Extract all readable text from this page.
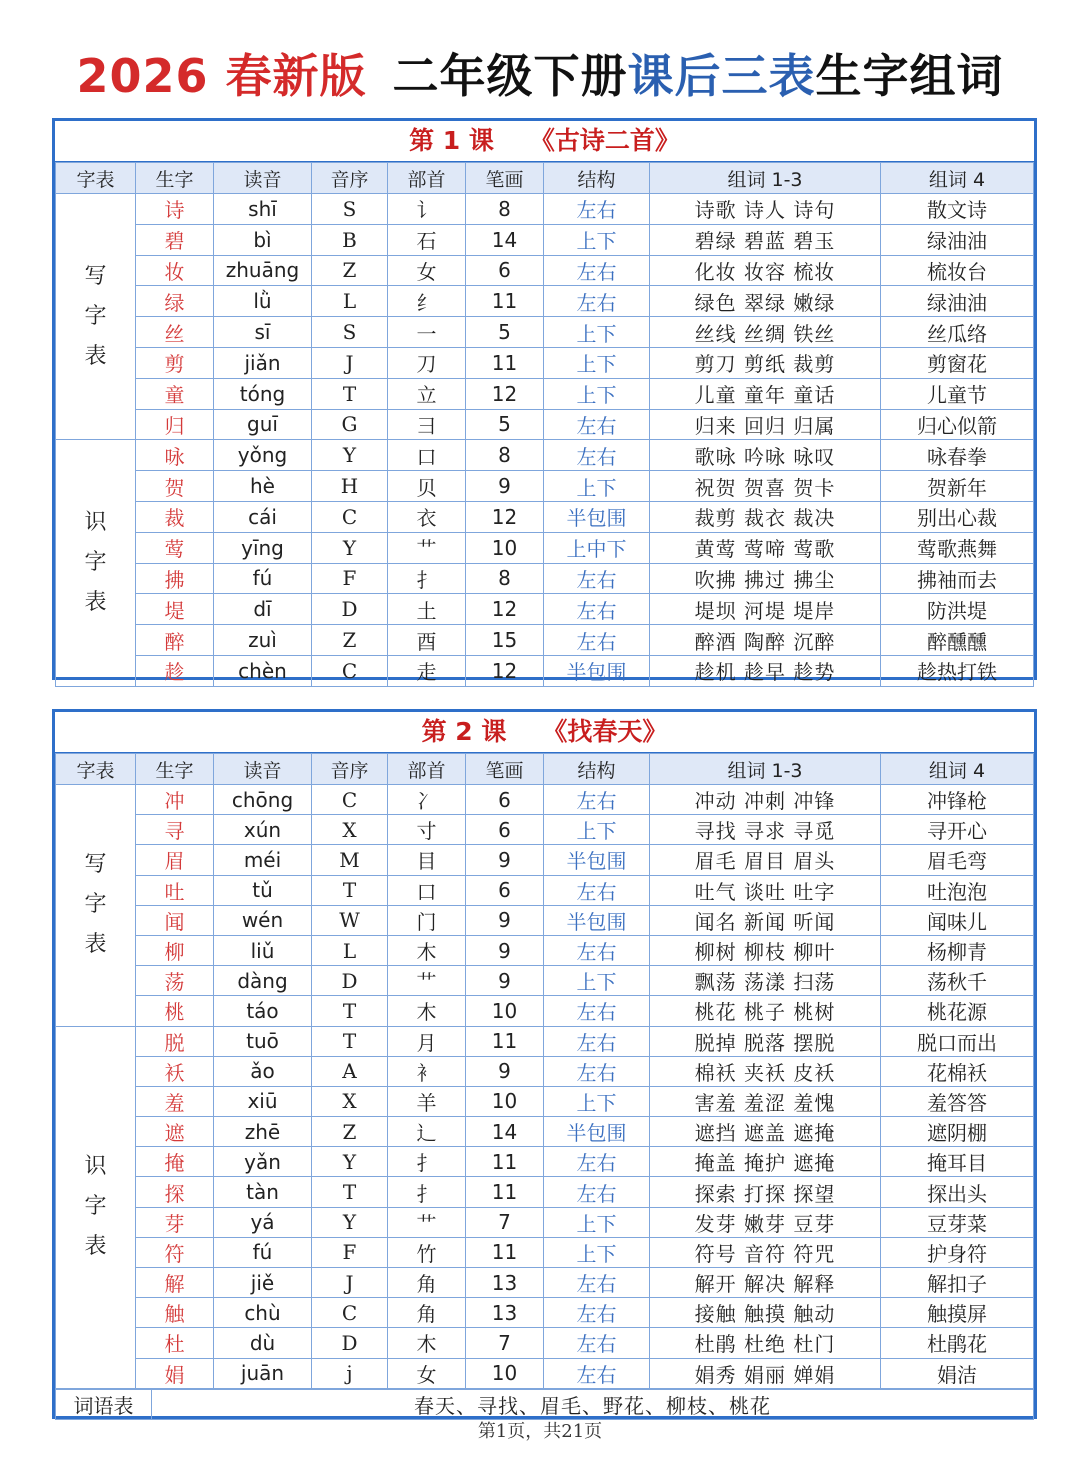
2026 春新版 二年级下册课后三表生字组词
第 1 课 《古诗二首》
字表	生字	读音	音序	部首	笔画	结构	组词 1-3	组词 4

写
字
表	诗	shī	S	讠	8	左右	诗歌 诗人 诗句	散文诗
	碧	bì	B	石	14	上下	碧绿 碧蓝 碧玉	绿油油
	妆	zhuāng	Z	女	6	左右	化妆 妆容 梳妆	梳妆台
	绿	lǜ	L	纟	11	左右	绿色 翠绿 嫩绿	绿油油
	丝	sī	S	一	5	上下	丝线 丝绸 铁丝	丝瓜络
	剪	jiǎn	J	刀	11	上下	剪刀 剪纸 裁剪	剪窗花
	童	tóng	T	立	12	上下	儿童 童年 童话	儿童节
	归	guī	G	彐	5	左右	归来 回归 归属	归心似箭

识
字
表	咏	yǒng	Y	口	8	左右	歌咏 吟咏 咏叹	咏春拳
	贺	hè	H	贝	9	上下	祝贺 贺喜 贺卡	贺新年
	裁	cái	C	衣	12	半包围	裁剪 裁衣 裁决	别出心裁
	莺	yīng	Y	艹	10	上中下	黄莺 莺啼 莺歌	莺歌燕舞
	拂	fú	F	扌	8	左右	吹拂 拂过 拂尘	拂袖而去
	堤	dī	D	土	12	左右	堤坝 河堤 堤岸	防洪堤
	醉	zuì	Z	酉	15	左右	醉酒 陶醉 沉醉	醉醺醺
	趁	chèn	C	走	12	半包围	趁机 趁早 趁势	趁热打铁
第 2 课 《找春天》
字表	生字	读音	音序	部首	笔画	结构	组词 1-3	组词 4

写
字
表	冲	chōng	C	冫	6	左右	冲动 冲刺 冲锋	冲锋枪
	寻	xún	X	寸	6	上下	寻找 寻求 寻觅	寻开心
	眉	méi	M	目	9	半包围	眉毛 眉目 眉头	眉毛弯
	吐	tǔ	T	口	6	左右	吐气 谈吐 吐字	吐泡泡
	闻	wén	W	门	9	半包围	闻名 新闻 听闻	闻味儿
	柳	liǔ	L	木	9	左右	柳树 柳枝 柳叶	杨柳青
	荡	dàng	D	艹	9	上下	飘荡 荡漾 扫荡	荡秋千
	桃	táo	T	木	10	左右	桃花 桃子 桃树	桃花源

识
字
表	脱	tuō	T	月	11	左右	脱掉 脱落 摆脱	脱口而出
	袄	ǎo	A	衤	9	左右	棉袄 夹袄 皮袄	花棉袄
	羞	xiū	X	羊	10	上下	害羞 羞涩 羞愧	羞答答
	遮	zhē	Z	辶	14	半包围	遮挡 遮盖 遮掩	遮阴棚
	掩	yǎn	Y	扌	11	左右	掩盖 掩护 遮掩	掩耳目
	探	tàn	T	扌	11	左右	探索 打探 探望	探出头
	芽	yá	Y	艹	7	上下	发芽 嫩芽 豆芽	豆芽菜
	符	fú	F	竹	11	上下	符号 音符 符咒	护身符
	解	jiě	J	角	13	左右	解开 解决 解释	解扣子
	触	chù	C	角	13	左右	接触 触摸 触动	触摸屏
	杜	dù	D	木	7	左右	杜鹃 杜绝 杜门	杜鹃花
	娟	juān	j	女	10	左右	娟秀 娟丽 婵娟	娟洁
词语表	春天、寻找、眉毛、野花、柳枝、桃花
第1页，共21页
